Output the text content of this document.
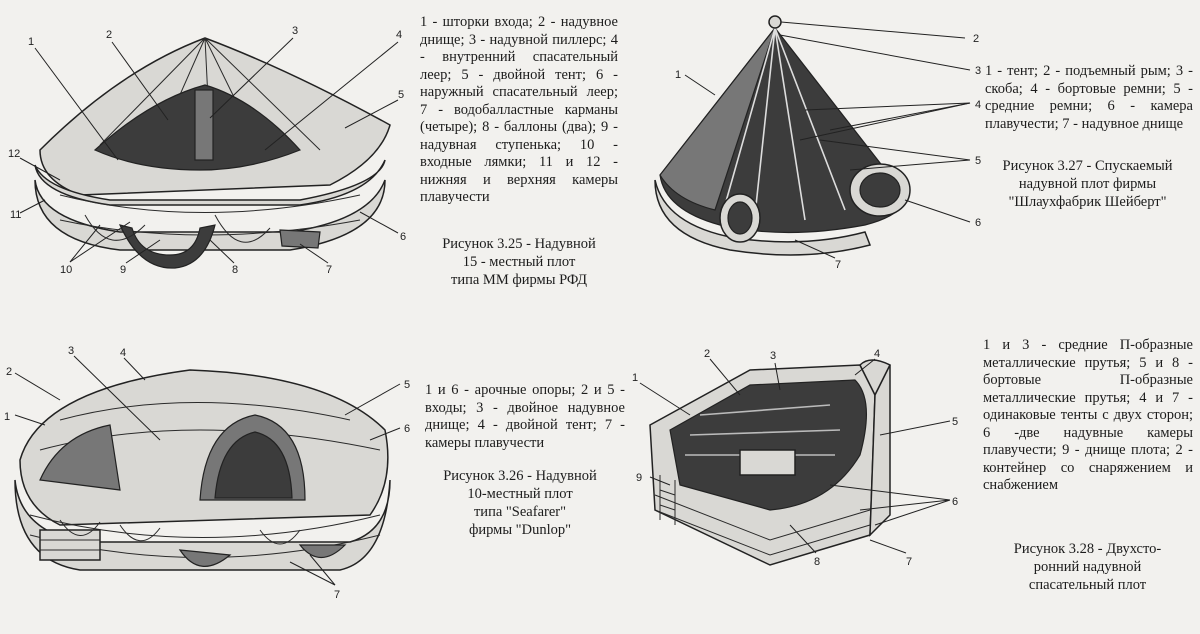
1
2	3	4
5
12
11
6
10	9	8	7
1 - шторки входа; 2 - надувное днище; 3 - надувной пиллерс; 4 - внутренний спасательный леер; 5 - двойной тент; 6 - наружный спасательный леер; 7 - водобалластные карманы (четыре); 8 - баллоны (два); 9 - надувная ступенька; 10 - входные лямки; 11 и 12 - нижняя и верхняя камеры плавучести
Рисунок 3.25 - Надувной
15 - местный плот
типа ММ фирмы РФД
2
1	3
4
5
6
7
1 - тент; 2 - подъемный рым; 3 - скоба; 4 - бортовые ремни; 5 - средние ремни; 6 - камера плавучести; 7 - надувное днище
Рисунок 3.27 - Спускаемый
надувной плот фирмы
"Шлаухфабрик Шейберт"
3	4
2
1
5
6
7
1 и 6 - арочные опоры; 2 и 5 - входы; 3 - двойное надувное днище; 4 - двойной тент; 7 - камеры плавучести
Рисунок 3.26 - Надувной
10-местный плот
типа "Seafarer"
фирмы "Dunlop"
2	3	4
1
5
9
6
8	7
1 и 3 - средние П-образные металлические прутья; 5 и 8 - бортовые П-образные металлические прутья; 4 и 7 - одинаковые тенты с двух сторон; 6 -две надувные камеры плавучести; 9 - днище плота; 2 - контейнер со снаряжением и снабжением
Рисунок 3.28 - Двухсто-
ронний надувной
спасательный плот
